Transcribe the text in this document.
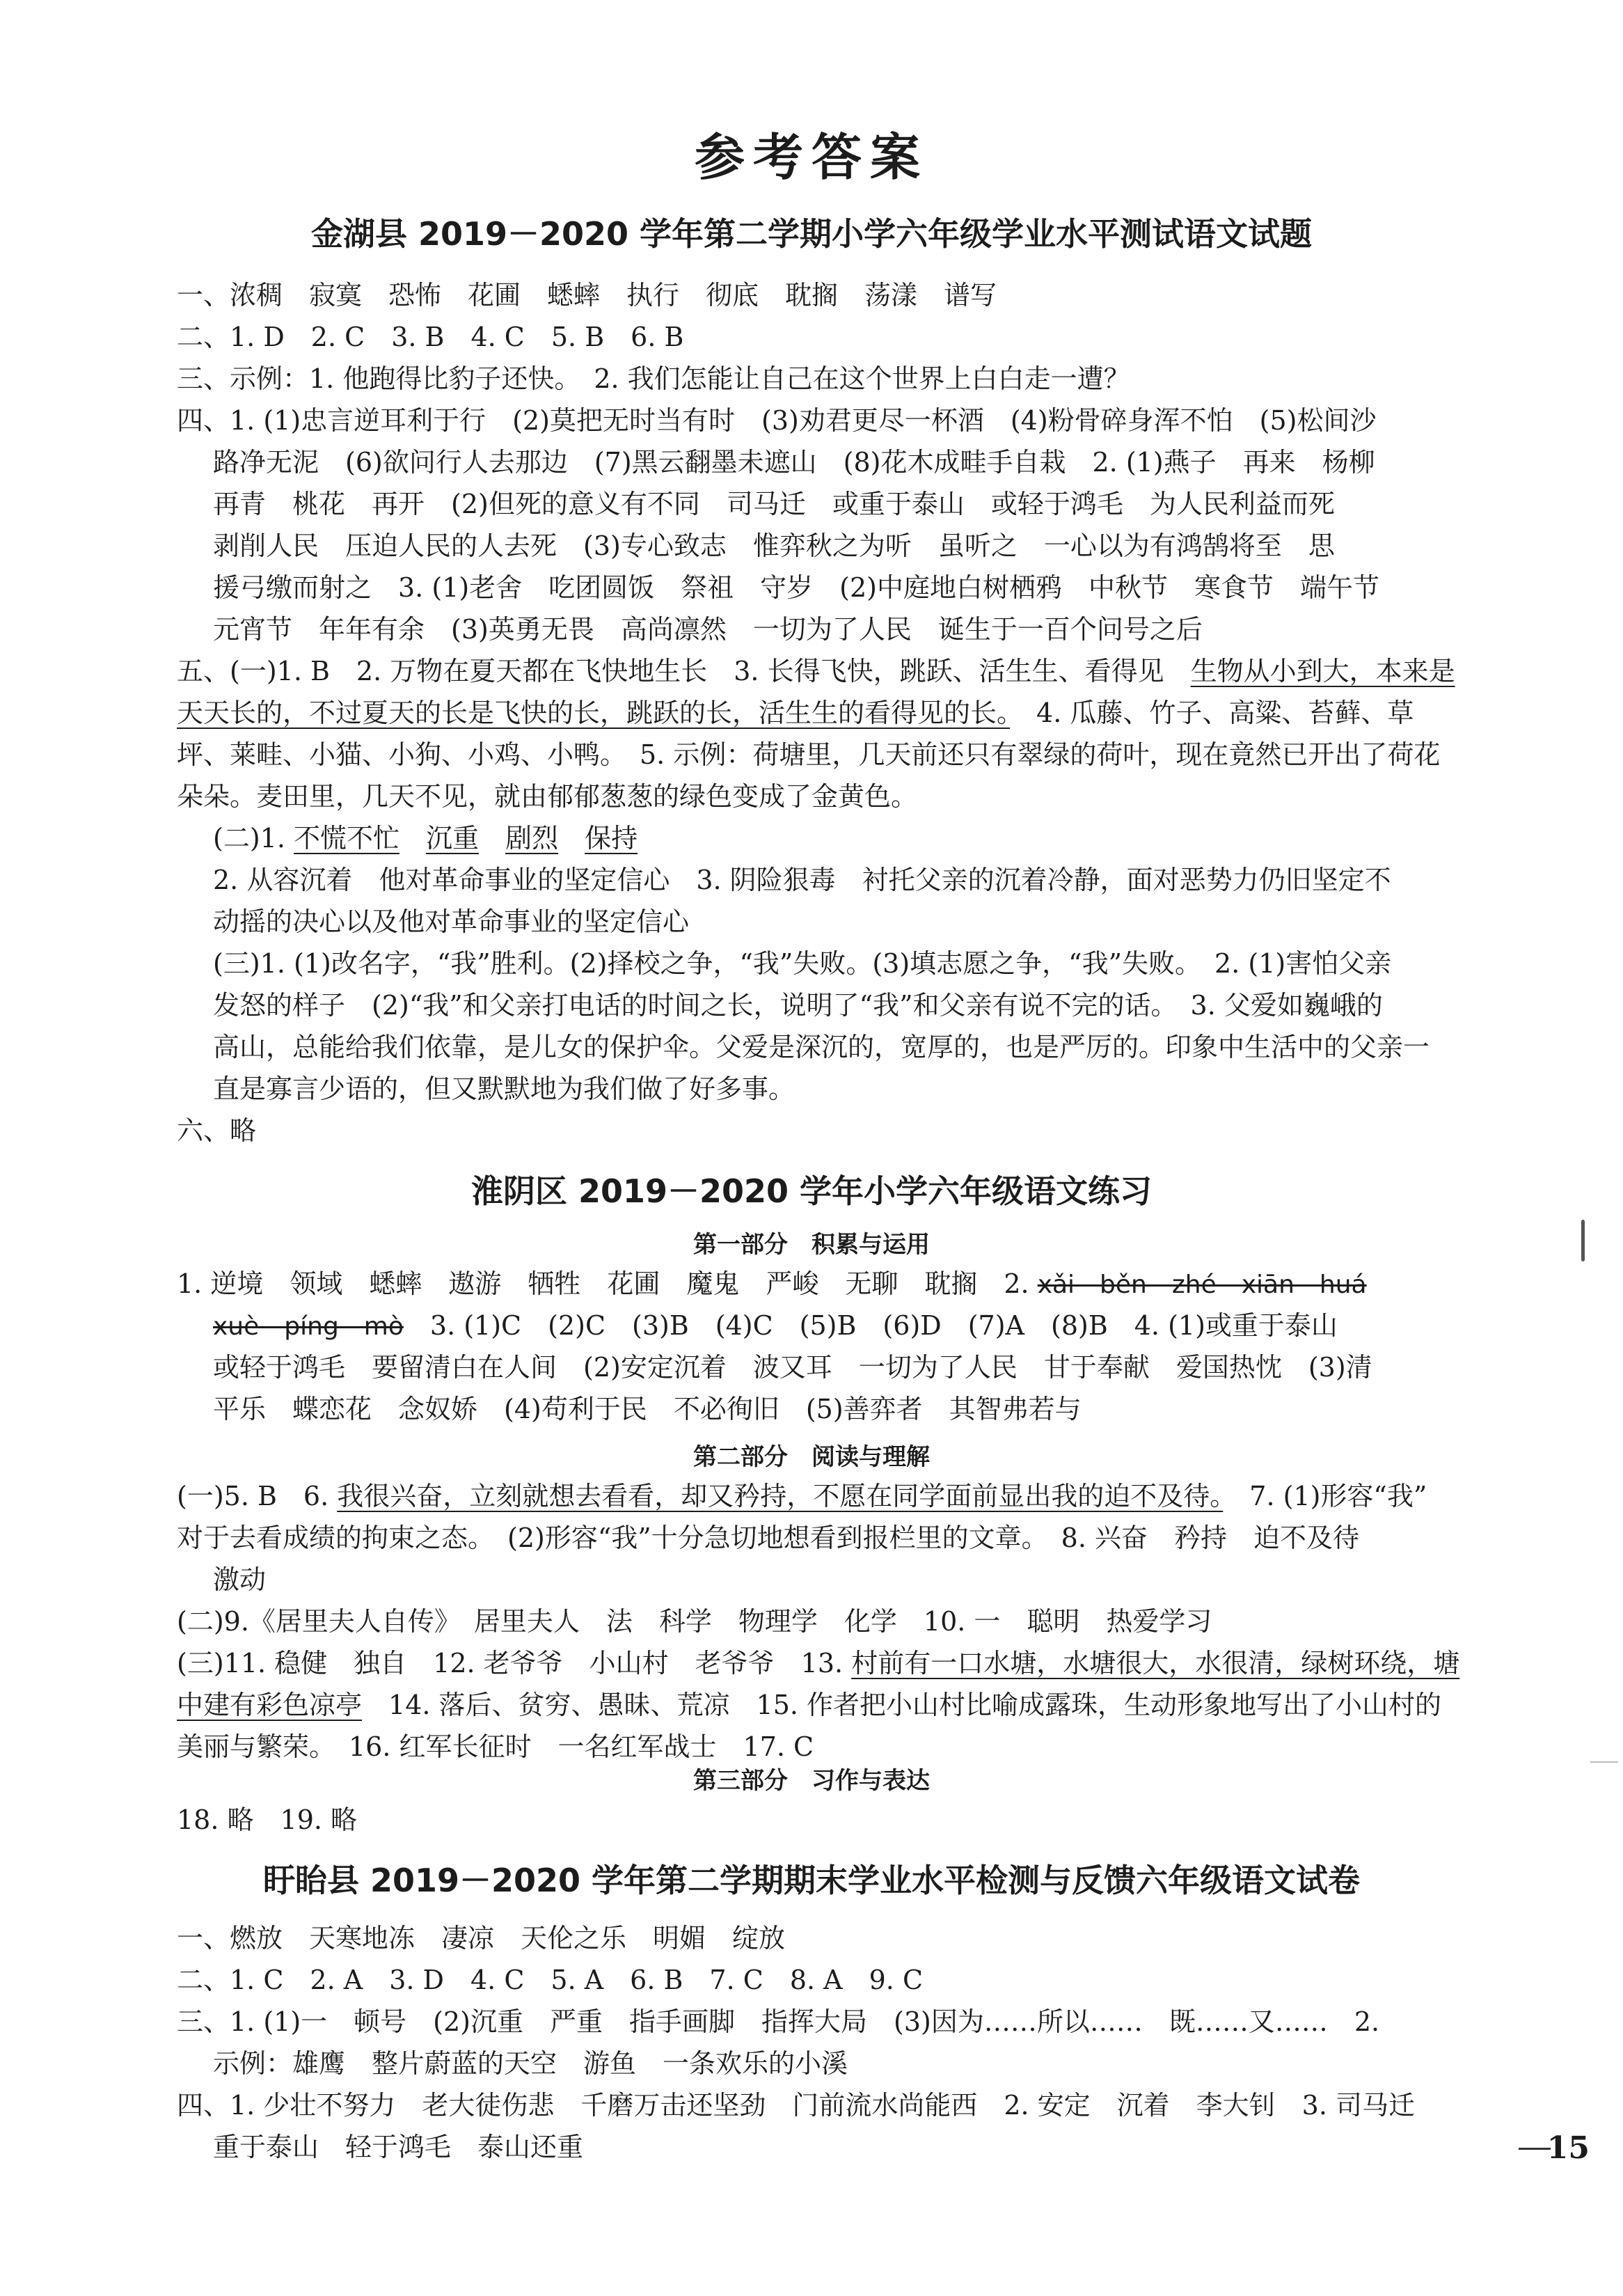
参考答案
金湖县 2019－2020 学年第二学期小学六年级学业水平测试语文试题
一、浓稠　寂寞　恐怖　花圃　蟋蟀　执行　彻底　耽搁　荡漾　谱写
二、1. D　2. C　3. B　4. C　5. B　6. B
三、示例：1. 他跑得比豹子还快。　2. 我们怎能让自己在这个世界上白白走一遭？
四、1. (1)忠言逆耳利于行　(2)莫把无时当有时　(3)劝君更尽一杯酒　(4)粉骨碎身浑不怕　(5)松间沙
路净无泥　(6)欲问行人去那边　(7)黑云翻墨未遮山　(8)花木成畦手自栽　2. (1)燕子　再来　杨柳
再青　桃花　再开　(2)但死的意义有不同　司马迁　或重于泰山　或轻于鸿毛　为人民利益而死
剥削人民　压迫人民的人去死　(3)专心致志　惟弈秋之为听　虽听之　一心以为有鸿鹄将至　思
援弓缴而射之　3. (1)老舍　吃团圆饭　祭祖　守岁　(2)中庭地白树栖鸦　中秋节　寒食节　端午节
元宵节　年年有余　(3)英勇无畏　高尚凛然　一切为了人民　诞生于一百个问号之后
五、(一)1. B　2. 万物在夏天都在飞快地生长　3. 长得飞快，跳跃、活生生、看得见　生物从小到大，本来是
天天长的，不过夏天的长是飞快的长，跳跃的长，活生生的看得见的长。　4. 瓜藤、竹子、高粱、苔藓、草
坪、莱畦、小猫、小狗、小鸡、小鸭。　5. 示例：荷塘里，几天前还只有翠绿的荷叶，现在竟然已开出了荷花
朵朵。麦田里，几天不见，就由郁郁葱葱的绿色变成了金黄色。
(二)1. 不慌不忙　 沉重　 剧烈　 保持
2. 从容沉着　他对革命事业的坚定信心　3. 阴险狠毒　衬托父亲的沉着冷静，面对恶势力仍旧坚定不
动摇的决心以及他对革命事业的坚定信心
(三)1. (1)改名字，“我”胜利。(2)择校之争，“我”失败。(3)填志愿之争，“我”失败。　2. (1)害怕父亲
发怒的样子　(2)“我”和父亲打电话的时间之长，说明了“我”和父亲有说不完的话。　3. 父爱如巍峨的
高山，总能给我们依靠，是儿女的保护伞。父爱是深沉的，宽厚的，也是严厉的。印象中生活中的父亲一
直是寡言少语的，但又默默地为我们做了好多事。
六、略
淮阴区 2019－2020 学年小学六年级语文练习
第一部分　积累与运用
1. 逆境　领域　蟋蟀　遨游　牺牲　花圃　魔鬼　严峻　无聊　耽搁　2. xǎi　běn　zhé　xiān　huá
xuè　píng　mò　3. (1)C　(2)C　(3)B　(4)C　(5)B　(6)D　(7)A　(8)B　4. (1)或重于泰山
或轻于鸿毛　要留清白在人间　(2)安定沉着　波又耳　一切为了人民　甘于奉献　爱国热忱　(3)清
平乐　蝶恋花　念奴娇　(4)苟利于民　不必徇旧　(5)善弈者　其智弗若与
第二部分　阅读与理解
(一)5. B　6. 我很兴奋，立刻就想去看看，却又矜持，不愿在同学面前显出我的迫不及待。　7. (1)形容“我”
对于去看成绩的拘束之态。　(2)形容“我”十分急切地想看到报栏里的文章。　8. 兴奋　矜持　迫不及待
激动
(二)9.《居里夫人自传》　居里夫人　法　科学　物理学　化学　10. 一　聪明　热爱学习
(三)11. 稳健　独自　12. 老爷爷　小山村　老爷爷　13. 村前有一口水塘，水塘很大，水很清，绿树环绕，塘
中建有彩色凉亭　14. 落后、贫穷、愚昧、荒凉　15. 作者把小山村比喻成露珠，生动形象地写出了小山村的
美丽与繁荣。　16. 红军长征时　一名红军战士　17. C
第三部分　习作与表达
18. 略　19. 略
盱眙县 2019－2020 学年第二学期期末学业水平检测与反馈六年级语文试卷
一、燃放　天寒地冻　凄凉　天伦之乐　明媚　绽放
二、1. C　2. A　3. D　4. C　5. A　6. B　7. C　8. A　9. C
三、1. (1)一　顿号　(2)沉重　严重　指手画脚　指挥大局　(3)因为……所以……　既……又……　2.
示例：雄鹰　整片蔚蓝的天空　游鱼　一条欢乐的小溪
四、1. 少壮不努力　老大徒伤悲　千磨万击还坚劲　门前流水尚能西　2. 安定　沉着　李大钊　3. 司马迁
重于泰山　轻于鸿毛　泰山还重	15
